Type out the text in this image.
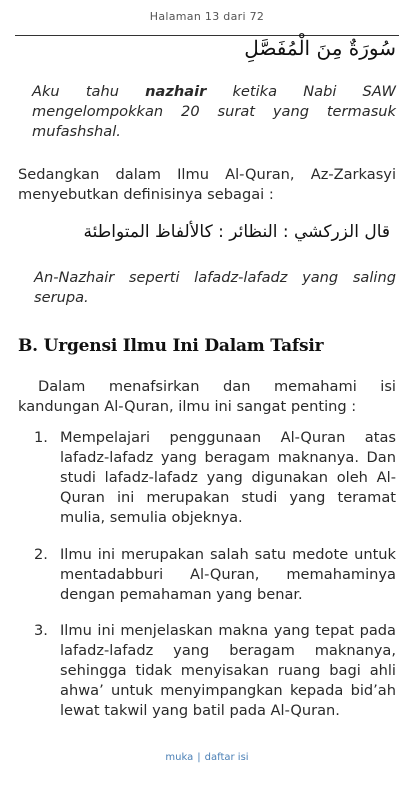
Halaman 13 dari 72
سُورَةٌ مِنَ الْمُفَصَّلِ
Aku tahu nazhair ketika Nabi SAW mengelompokkan 20 surat yang termasuk mufashshal.
Sedangkan dalam Ilmu Al-Quran, Az-Zarkasyi menyebutkan definisinya sebagai :
قال الزركشي : النظائر : كالألفاظ المتواطئة
An-Nazhair seperti lafadz-lafadz yang saling serupa.
B. Urgensi Ilmu Ini Dalam Tafsir
Dalam menafsirkan dan memahami isi kandungan Al-Quran, ilmu ini sangat penting :
1. Mempelajari penggunaan Al-Quran atas lafadz-lafadz yang beragam maknanya. Dan studi lafadz-lafadz yang digunakan oleh Al-Quran ini merupakan studi yang teramat mulia, semulia objeknya.
2. Ilmu ini merupakan salah satu medote untuk mentadabburi Al-Quran, memahaminya dengan pemahaman yang benar.
3. Ilmu ini menjelaskan makna yang tepat pada lafadz-lafadz yang beragam maknanya, sehingga tidak menyisakan ruang bagi ahli ahwa’ untuk menyimpangkan kepada bid’ah lewat takwil yang batil pada Al-Quran.
muka | daftar isi
